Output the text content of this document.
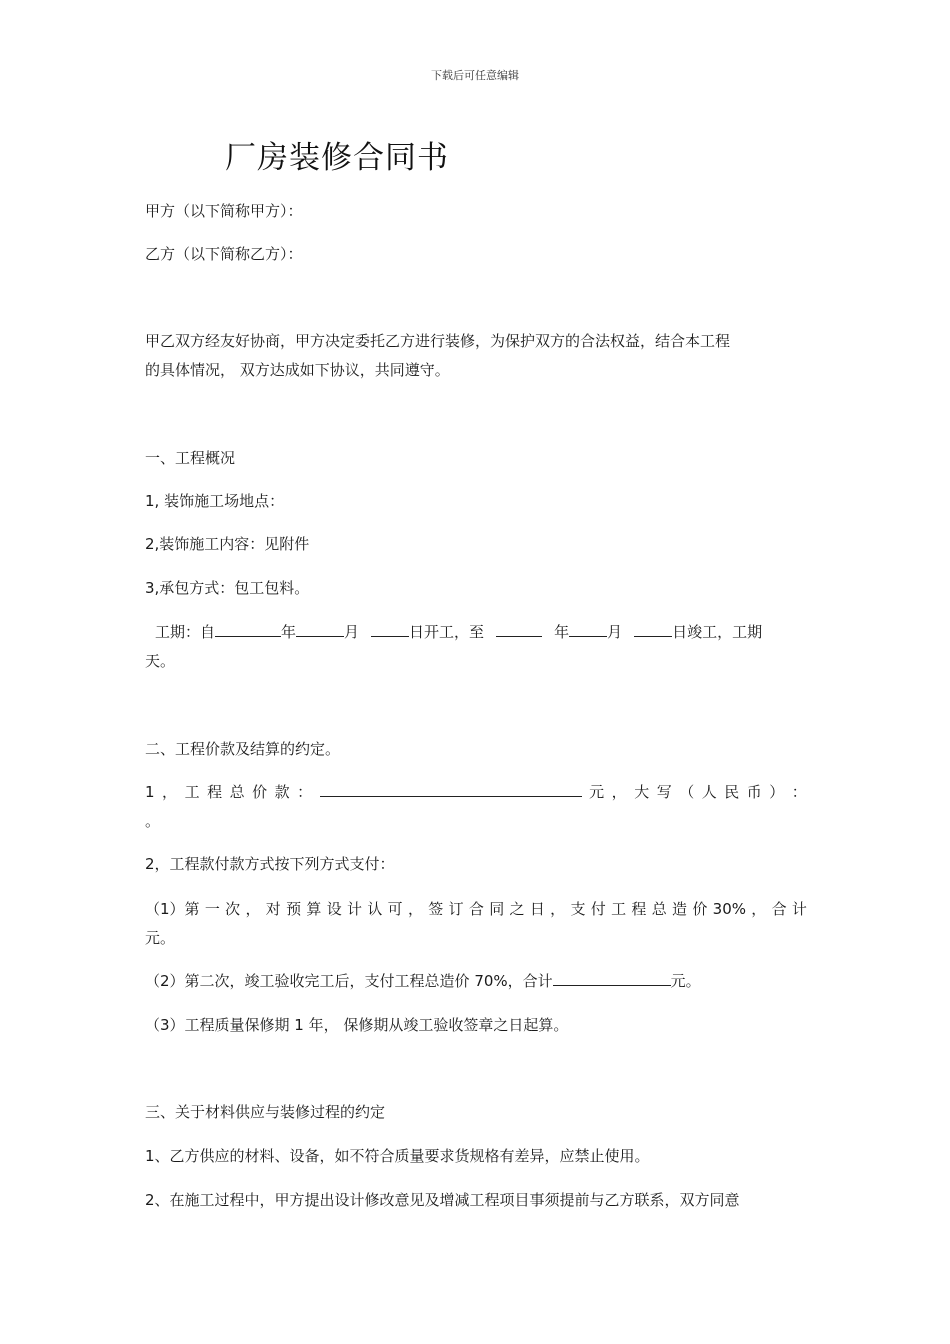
下载后可任意编辑
厂房装修合同书
甲方（以下简称甲方）：
乙方（以下简称乙方）：
甲乙双方经友好协商，甲方决定委托乙方进行装修，为保护双方的合法权益，结合本工程
的具体情况， 双方达成如下协议，共同遵守。
一、工程概况
1, 装饰施工场地点：
2,装饰施工内容：见附件
3,承包方式：包工包料。
工期：自	年	月	日开工，至	年	月	日竣工，工期
天。
二、工程价款及结算的约定。
1 ， 工 程 总 价 款 ：	元 ， 大 写 （ 人 民 币 ） ：
。
2，工程款付款方式按下列方式支付：
（1）第 一 次 ， 对 预 算 设 计 认 可 ， 签 订 合 同 之 日 ， 支 付 工 程 总 造 价 30% ， 合 计
元。
（2）第二次，竣工验收完工后，支付工程总造价 70%，合计	元。
（3）工程质量保修期 1 年， 保修期从竣工验收签章之日起算。
三、关于材料供应与装修过程的约定
1、乙方供应的材料、设备，如不符合质量要求货规格有差异，应禁止使用。
2、在施工过程中，甲方提出设计修改意见及增减工程项目事须提前与乙方联系，双方同意
